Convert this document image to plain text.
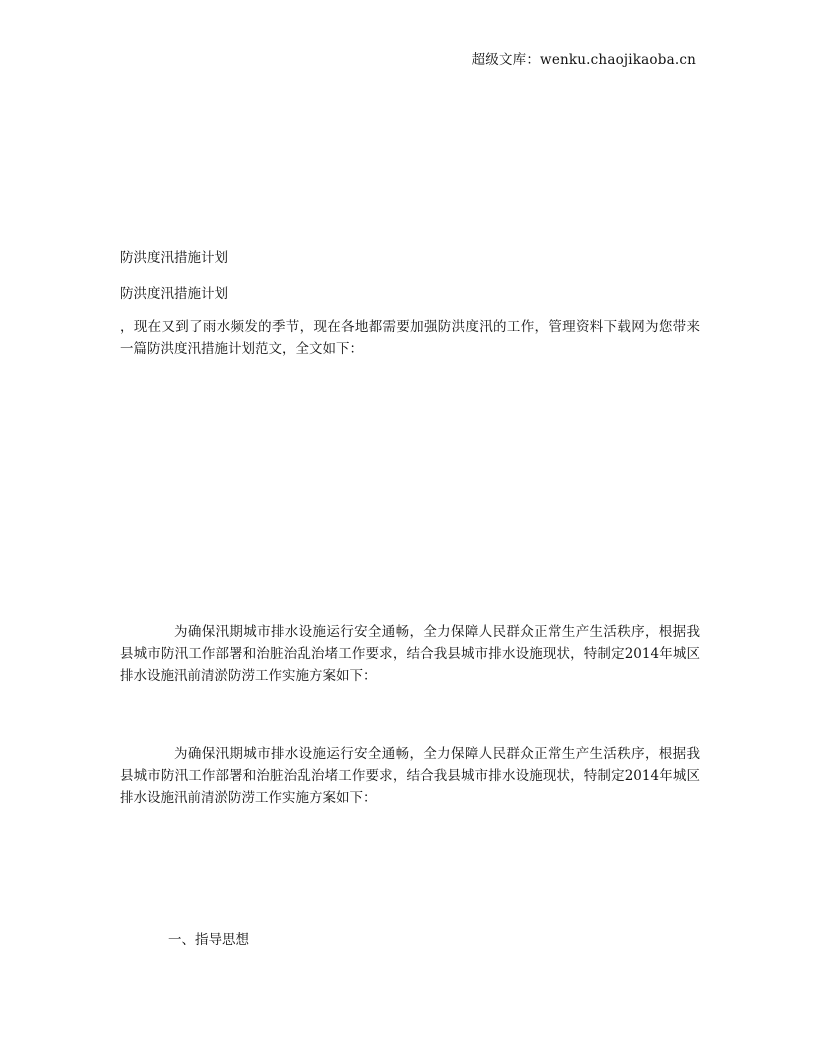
超级文库：wenku.chaojikaoba.cn
防洪度汛措施计划
防洪度汛措施计划
，现在又到了雨水频发的季节，现在各地都需要加强防洪度汛的工作，管理资料下载网为您带来一篇防洪度汛措施计划范文，全文如下：
为确保汛期城市排水设施运行安全通畅，全力保障人民群众正常生产生活秩序，根据我县城市防汛工作部署和治脏治乱治堵工作要求，结合我县城市排水设施现状，特制定2014年城区排水设施汛前清淤防涝工作实施方案如下：
为确保汛期城市排水设施运行安全通畅，全力保障人民群众正常生产生活秩序，根据我县城市防汛工作部署和治脏治乱治堵工作要求，结合我县城市排水设施现状，特制定2014年城区排水设施汛前清淤防涝工作实施方案如下：
一、指导思想
